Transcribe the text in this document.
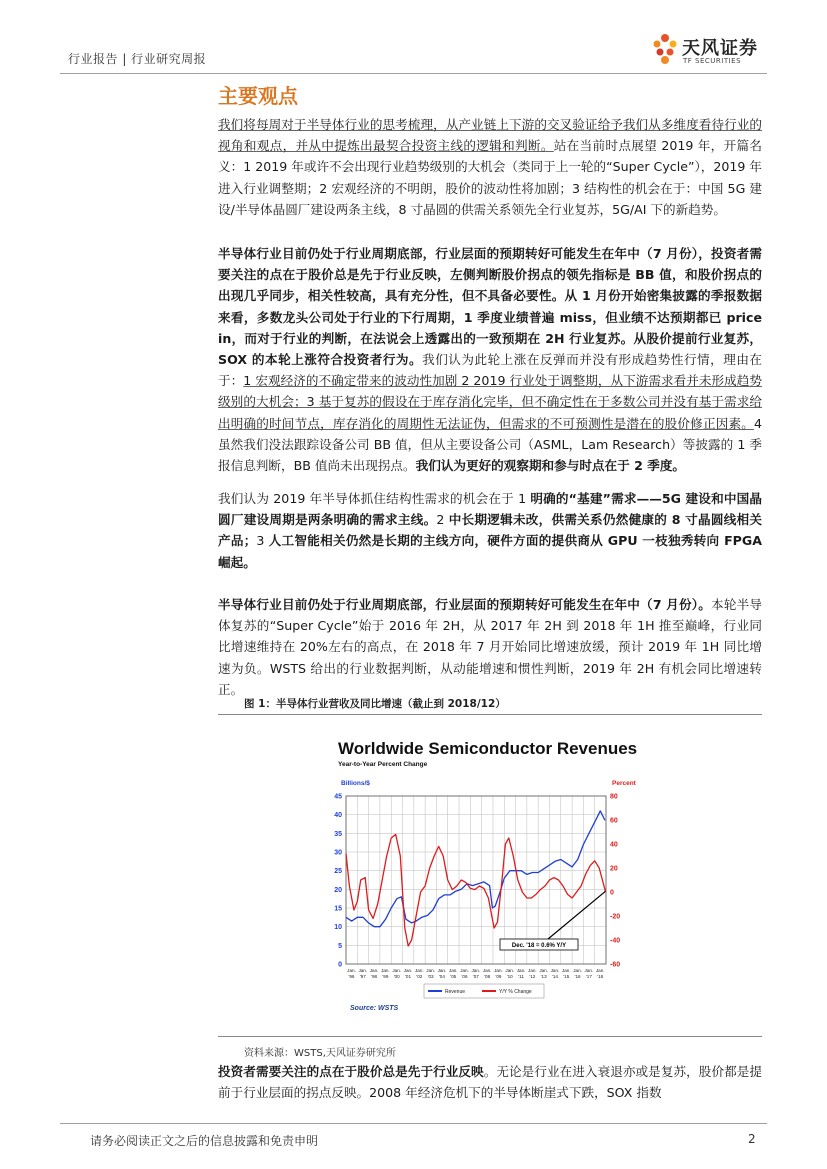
行业报告 | 行业研究周报	天风证券
TF SECURITIES
主要观点
我们将每周对于半导体行业的思考梳理，从产业链上下游的交叉验证给予我们从多维度看待行业的视角和观点，并从中提炼出最契合投资主线的逻辑和判断。站在当前时点展望 2019 年，开篇名义：1 2019 年或许不会出现行业趋势级别的大机会（类同于上一轮的“Super Cycle”），2019 年进入行业调整期；2 宏观经济的不明朗，股价的波动性将加剧；3 结构性的机会在于：中国 5G 建设/半导体晶圆厂建设两条主线，8 寸晶圆的供需关系领先全行业复苏，5G/AI 下的新趋势。
半导体行业目前仍处于行业周期底部，行业层面的预期转好可能发生在年中（7 月份），投资者需要关注的点在于股价总是先于行业反映，左侧判断股价拐点的领先指标是 BB 值，和股价拐点的出现几乎同步，相关性较高，具有充分性，但不具备必要性。从 1 月份开始密集披露的季报数据来看，多数龙头公司处于行业的下行周期，1 季度业绩普遍 miss，但业绩不达预期都已 price in，而对于行业的判断，在法说会上透露出的一致预期在 2H 行业复苏。从股价提前行业复苏，SOX 的本轮上涨符合投资者行为。我们认为此轮上涨在反弹而并没有形成趋势性行情，理由在于：1 宏观经济的不确定带来的波动性加剧 2 2019 行业处于调整期，从下游需求看并未形成趋势级别的大机会；3 基于复苏的假设在于库存消化完毕，但不确定性在于多数公司并没有基于需求给出明确的时间节点，库存消化的周期性无法证伪，但需求的不可预测性是潜在的股价修正因素。4 虽然我们没法跟踪设备公司 BB 值，但从主要设备公司（ASML，Lam Research）等披露的 1 季报信息判断，BB 值尚未出现拐点。我们认为更好的观察期和参与时点在于 2 季度。
我们认为 2019 年半导体抓住结构性需求的机会在于 1 明确的“基建”需求——5G 建设和中国晶圆厂建设周期是两条明确的需求主线。2 中长期逻辑未改，供需关系仍然健康的 8 寸晶圆线相关产品；3 人工智能相关仍然是长期的主线方向，硬件方面的提供商从 GPU 一枝独秀转向 FPGA 崛起。
半导体行业目前仍处于行业周期底部，行业层面的预期转好可能发生在年中（7 月份）。本轮半导体复苏的“Super Cycle”始于 2016 年 2H，从 2017 年 2H 到 2018 年 1H 推至巅峰，行业同比增速维持在 20%左右的高点，在 2018 年 7 月开始同比增速放缓，预计 2019 年 1H 同比增速为负。WSTS 给出的行业数据判断，从动能增速和惯性判断，2019 年 2H 有机会同比增速转正。
图 1：半导体行业营收及同比增速（截止到 2018/12）
Worldwide Semiconductor Revenues
Year-to-Year Percent Change
Billions/$	Percent
0
5
10
15
20
25
30
35
40
45
-60
-40
-20
0
20
40
60
80
Jan.
'96
Jan.
'97
Jan.
'98
Jan.
'99
Jan.
'00
Jan.
'01
Jan.
'02
Jan.
'03
Jan.
'04
Jan.
'05
Jan.
'06
Jan.
'07
Jan.
'08
Jan.
'09
Jan.
'10
Jan.
'11
Jan.
'12
Jan.
'13
Jan.
'14
Jan.
'15
Jan.
'16
Jan.
'17
Jan.
'18
Dec. '18 = 0.6% Y/Y
Revenue	Y/Y % Change
Source: WSTS
资料来源：WSTS,天风证券研究所
投资者需要关注的点在于股价总是先于行业反映。无论是行业在进入衰退亦或是复苏，股价都是提前于行业层面的拐点反映。2008 年经济危机下的半导体断崖式下跌，SOX 指数
请务必阅读正文之后的信息披露和免责申明	2
